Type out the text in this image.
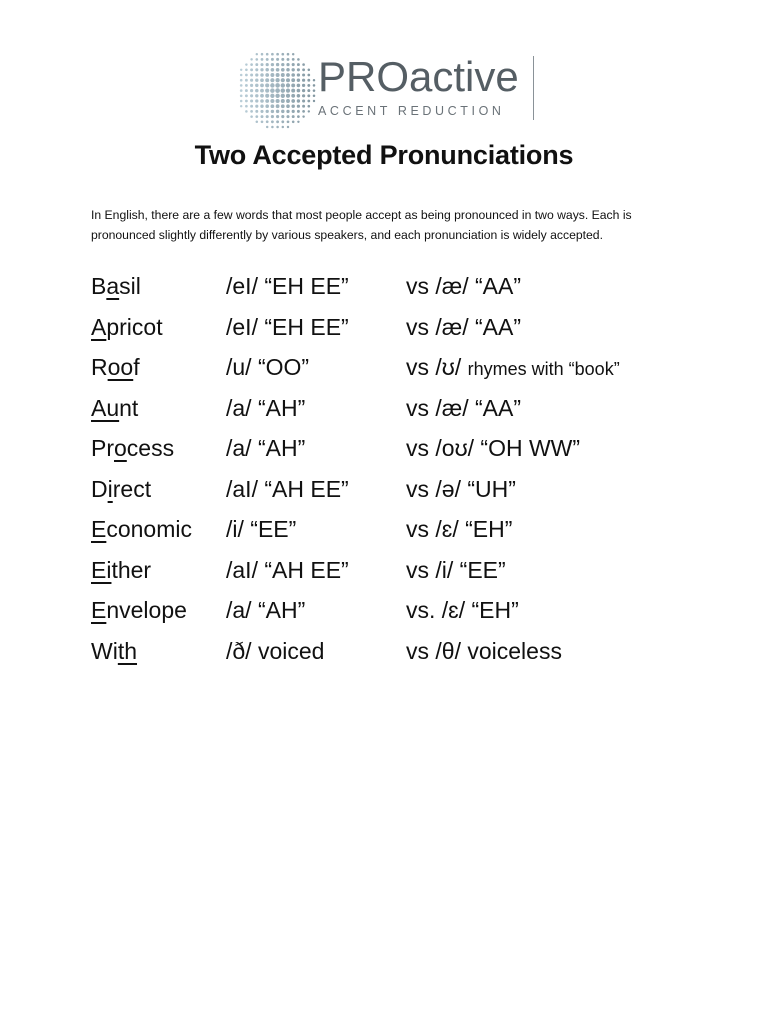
PROactive
ACCENT REDUCTION
Two Accepted Pronunciations

In English, there are a few words that most people accept as being pronounced in two ways. Each is pronounced slightly differently by various speakers, and each pronunciation is widely accepted.

Basil	/eI/ “EH EE” vs /æ/ “AA”
Apricot	/eI/ “EH EE” vs /æ/ “AA”
Roof	/u/ “OO”	vs /ʊ/ rhymes with “book”
Aunt	/a/ “AH”	vs /æ/ “AA”
Process /a/ “AH”	vs /oʊ/ “OH WW”
Direct	/aI/ “AH EE” vs /ə/ “UH”
Economic /i/ “EE”	vs /ɛ/ “EH”
Either	/aI/ “AH EE” vs /i/ “EE”
Envelope /a/ “AH”	vs. /ɛ/ “EH”
With	/ð/ voiced	vs /θ/ voiceless
